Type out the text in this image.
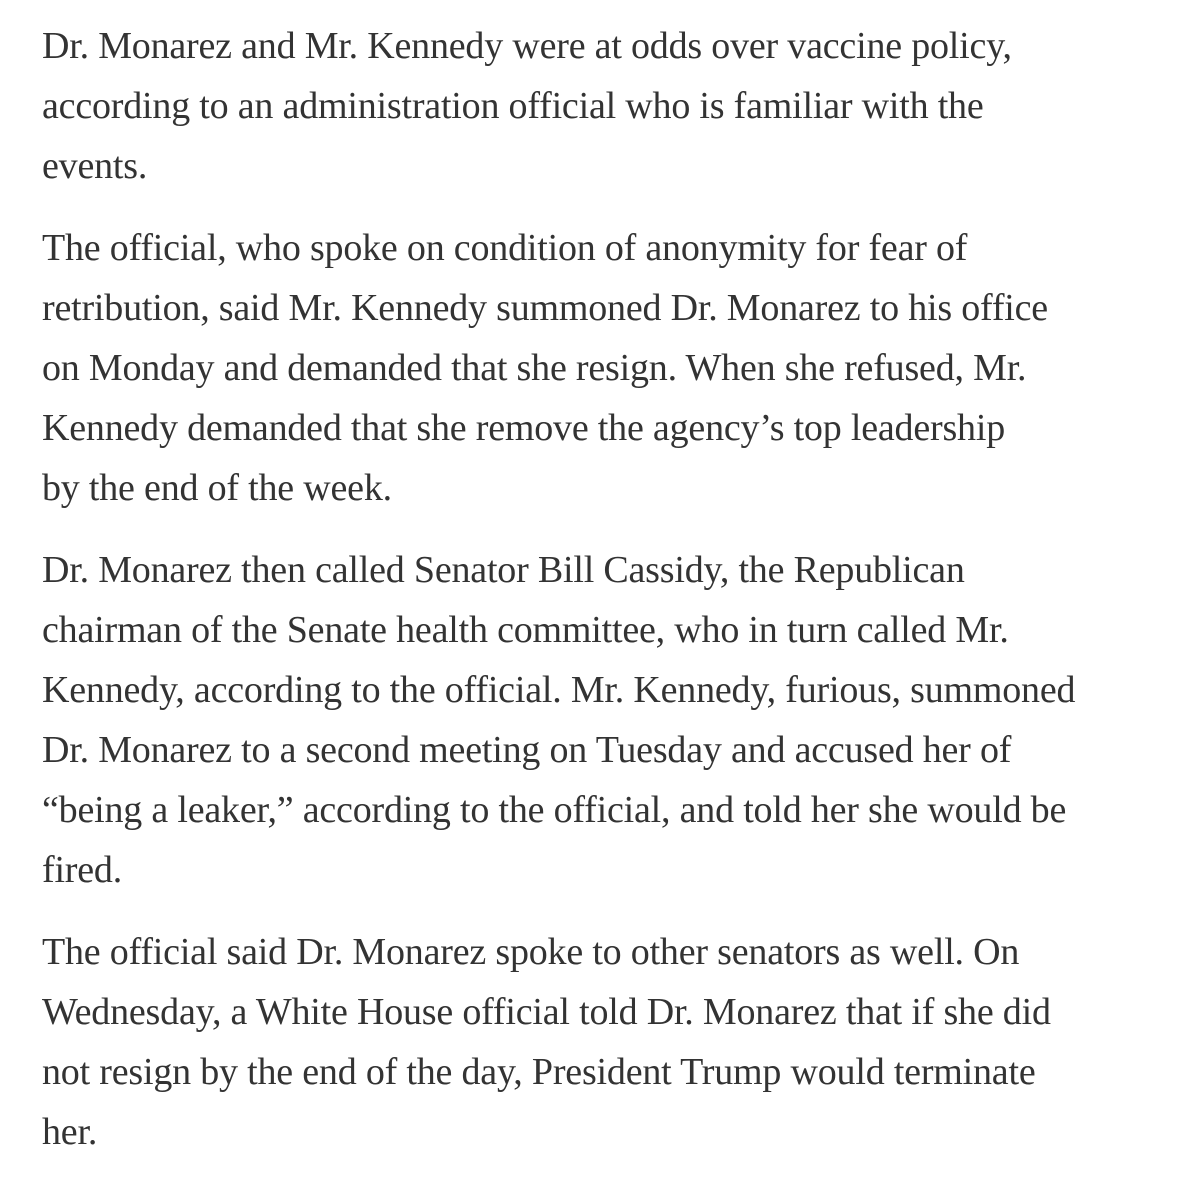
Dr. Monarez and Mr. Kennedy were at odds over vaccine policy,
according to an administration official who is familiar with the
events.

The official, who spoke on condition of anonymity for fear of
retribution, said Mr. Kennedy summoned Dr. Monarez to his office
on Monday and demanded that she resign. When she refused, Mr.
Kennedy demanded that she remove the agency’s top leadership
by the end of the week.

Dr. Monarez then called Senator Bill Cassidy, the Republican
chairman of the Senate health committee, who in turn called Mr.
Kennedy, according to the official. Mr. Kennedy, furious, summoned
Dr. Monarez to a second meeting on Tuesday and accused her of
“being a leaker,” according to the official, and told her she would be
fired.

The official said Dr. Monarez spoke to other senators as well. On
Wednesday, a White House official told Dr. Monarez that if she did
not resign by the end of the day, President Trump would terminate
her.
